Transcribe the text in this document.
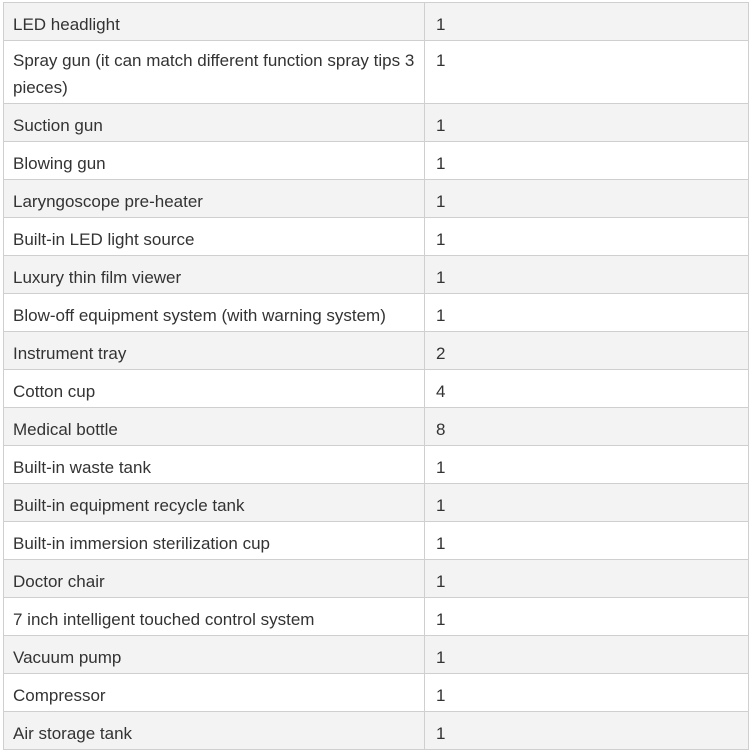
LED headlight	1
Spray gun (it can match different function spray tips 3 pieces)	1
Suction gun	1
Blowing gun	1
Laryngoscope pre-heater	1
Built-in LED light source	1
Luxury thin film viewer	1
Blow-off equipment system (with warning system)	1
Instrument tray	2
Cotton cup	4
Medical bottle	8
Built-in waste tank	1
Built-in equipment recycle tank	1
Built-in immersion sterilization cup	1
Doctor chair	1
7 inch intelligent touched control system	1
Vacuum pump	1
Compressor	1
Air storage tank	1
